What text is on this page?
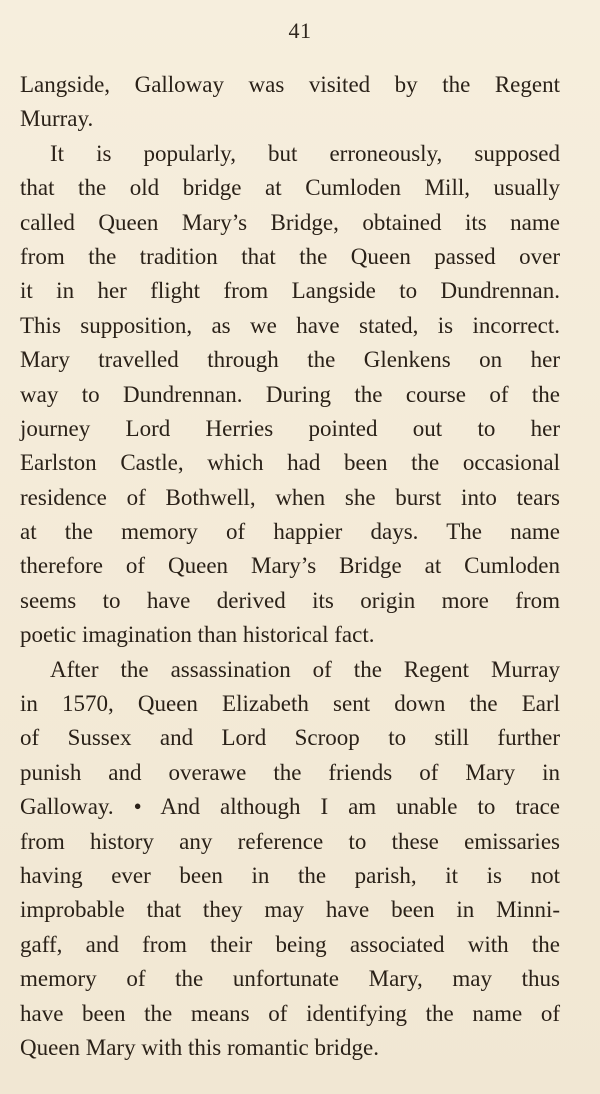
41
Langside, Galloway was visited by the Regent
Murray.
It is popularly, but erroneously, supposed
that the old bridge at Cumloden Mill, usually
called Queen Mary’s Bridge, obtained its name
from the tradition that the Queen passed over
it in her flight from Langside to Dundrennan.
This supposition, as we have stated, is incorrect.
Mary travelled through the Glenkens on her
way to Dundrennan. During the course of the
journey Lord Herries pointed out to her
Earlston Castle, which had been the occasional
residence of Bothwell, when she burst into tears
at the memory of happier days. The name
therefore of Queen Mary’s Bridge at Cumloden
seems to have derived its origin more from
poetic imagination than historical fact.
After the assassination of the Regent Murray
in 1570, Queen Elizabeth sent down the Earl
of Sussex and Lord Scroop to still further
punish and overawe the friends of Mary in
Galloway. • And although I am unable to trace
from history any reference to these emissaries
having ever been in the parish, it is not
improbable that they may have been in Minni-
gaff, and from their being associated with the
memory of the unfortunate Mary, may thus
have been the means of identifying the name of
Queen Mary with this romantic bridge.
